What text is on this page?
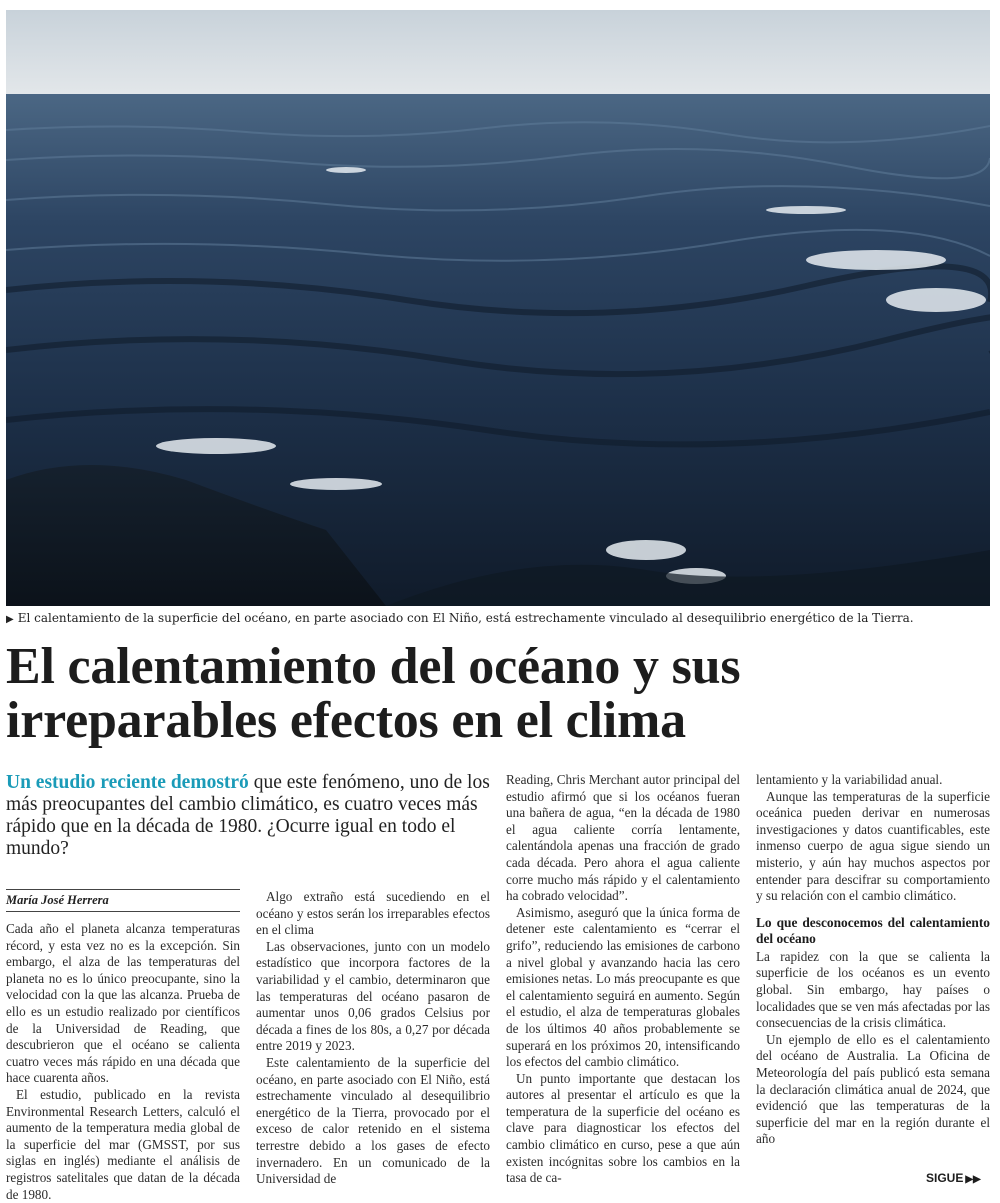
▶ El calentamiento de la superficie del océano, en parte asociado con El Niño, está estrechamente vinculado al desequilibrio energético de la Tierra.
El calentamiento del océano y sus irreparables efectos en el clima
Un estudio reciente demostró que este fenómeno, uno de los más preocupantes del cambio climático, es cuatro veces más rápido que en la década de 1980. ¿Ocurre igual en todo el mundo?
María José Herrera

Cada año el planeta alcanza temperaturas récord, y esta vez no es la excepción. Sin embargo, el alza de las temperaturas del planeta no es lo único preocupante, sino la velocidad con la que las alcanza. Prueba de ello es un estudio realizado por científicos de la Universidad de Reading, que descubrieron que el océano se calienta cuatro veces más rápido en una década que hace cuarenta años.

El estudio, publicado en la revista Environmental Research Letters, calculó el aumento de la temperatura media global de la superficie del mar (GMSST, por sus siglas en inglés) mediante el análisis de registros satelitales que datan de la década de 1980.

Algo extraño está sucediendo en el océano y estos serán los irreparables efectos en el clima

Las observaciones, junto con un modelo estadístico que incorpora factores de la variabilidad y el cambio, determinaron que las temperaturas del océano pasaron de aumentar unos 0,06 grados Celsius por década a fines de los 80s, a 0,27 por década entre 2019 y 2023.

Este calentamiento de la superficie del océano, en parte asociado con El Niño, está estrechamente vinculado al desequilibrio energético de la Tierra, provocado por el exceso de calor retenido en el sistema terrestre debido a los gases de efecto invernadero. En un comunicado de la Universidad de

Reading, Chris Merchant autor principal del estudio afirmó que si los océanos fueran una bañera de agua, “en la década de 1980 el agua caliente corría lentamente, calentándola apenas una fracción de grado cada década. Pero ahora el agua caliente corre mucho más rápido y el calentamiento ha cobrado velocidad”.

Asimismo, aseguró que la única forma de detener este calentamiento es “cerrar el grifo”, reduciendo las emisiones de carbono a nivel global y avanzando hacia las cero emisiones netas. Lo más preocupante es que el calentamiento seguirá en aumento. Según el estudio, el alza de temperaturas globales de los últimos 40 años probablemente se superará en los próximos 20, intensificando los efectos del cambio climático.

Un punto importante que destacan los autores al presentar el artículo es que la temperatura de la superficie del océano es clave para diagnosticar los efectos del cambio climático en curso, pese a que aún existen incógnitas sobre los cambios en la tasa de ca-

lentamiento y la variabilidad anual.

Aunque las temperaturas de la superficie oceánica pueden derivar en numerosas investigaciones y datos cuantificables, este inmenso cuerpo de agua sigue siendo un misterio, y aún hay muchos aspectos por entender para descifrar su comportamiento y su relación con el cambio climático.

Lo que desconocemos del calentamiento del océano

La rapidez con la que se calienta la superficie de los océanos es un evento global. Sin embargo, hay países o localidades que se ven más afectadas por las consecuencias de la crisis climática.

Un ejemplo de ello es el calentamiento del océano de Australia. La Oficina de Meteorología del país publicó esta semana la declaración climática anual de 2024, que evidenció que las temperaturas de la superficie del mar en la región durante el año

SIGUE ▶▶
